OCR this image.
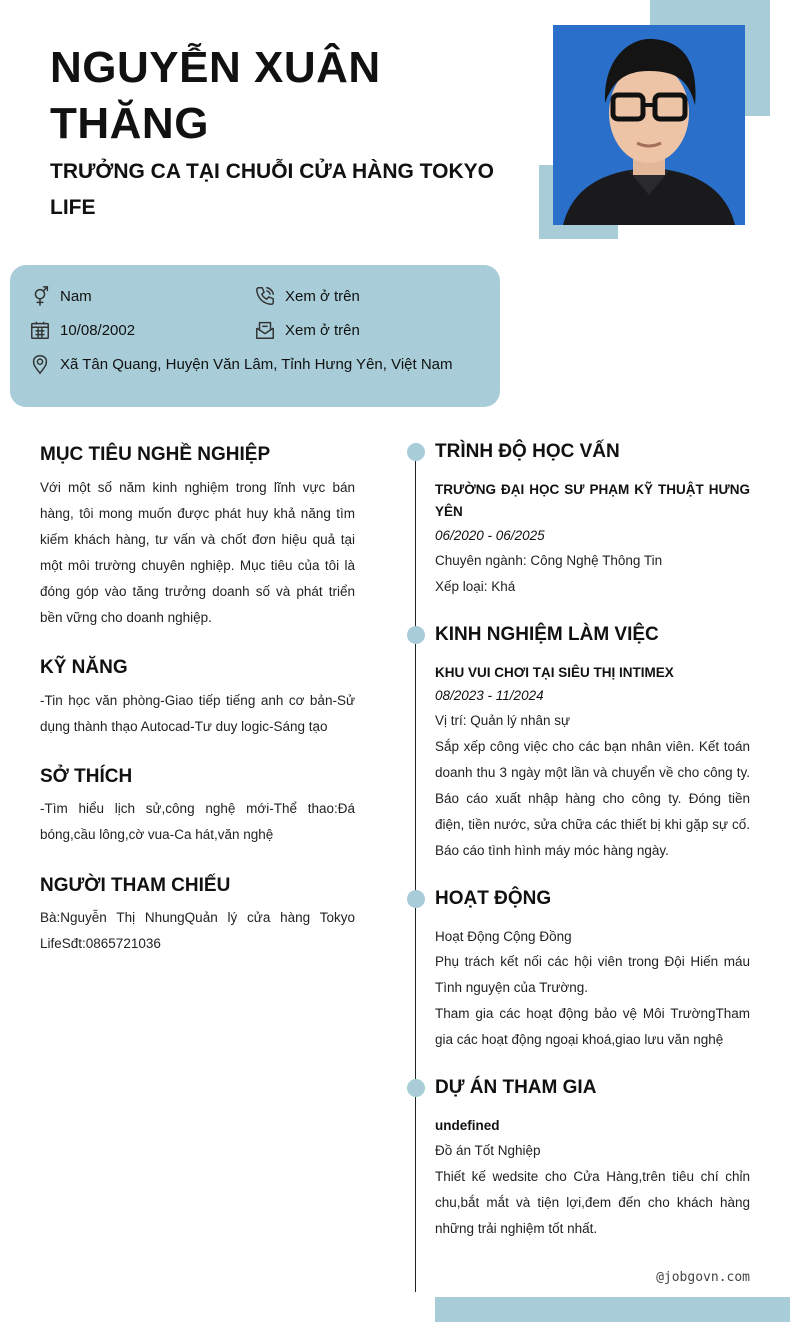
NGUYỄN XUÂN THĂNG
TRƯỞNG CA TẠI CHUỖI CỬA HÀNG TOKYO LIFE
Nam	Xem ở trên
10/08/2002	Xem ở trên
Xã Tân Quang, Huyện Văn Lâm, Tỉnh Hưng Yên, Việt Nam
MỤC TIÊU NGHỀ NGHIỆP
Với một số năm kinh nghiệm trong lĩnh vực bán hàng, tôi mong muốn được phát huy khả năng tìm kiếm khách hàng, tư vấn và chốt đơn hiệu quả tại một môi trường chuyên nghiệp. Mục tiêu của tôi là đóng góp vào tăng trưởng doanh số và phát triển bền vững cho doanh nghiệp.
KỸ NĂNG
-Tin học văn phòng-Giao tiếp tiếng anh cơ bản-Sử dụng thành thạo Autocad-Tư duy logic-Sáng tạo
SỞ THÍCH
-Tìm hiểu lịch sử,công nghệ mới-Thể thao:Đá bóng,cầu lông,cờ vua-Ca hát,văn nghệ
NGƯỜI THAM CHIẾU
Bà:Nguyễn Thị NhungQuản lý cửa hàng Tokyo LifeSđt:0865721036
TRÌNH ĐỘ HỌC VẤN
TRƯỜNG ĐẠI HỌC SƯ PHẠM KỸ THUẬT HƯNG YÊN
06/2020 - 06/2025
Chuyên ngành: Công Nghệ Thông Tin
Xếp loại: Khá
KINH NGHIỆM LÀM VIỆC
KHU VUI CHƠI TẠI SIÊU THỊ INTIMEX
08/2023 - 11/2024
Vị trí: Quản lý nhân sự
Sắp xếp công việc cho các bạn nhân viên. Kết toán doanh thu 3 ngày một lần và chuyển về cho công ty. Báo cáo xuất nhập hàng cho công ty. Đóng tiền điện, tiền nước, sửa chữa các thiết bị khi gặp sự cố. Báo cáo tình hình máy móc hàng ngày.
HOẠT ĐỘNG
Hoạt Động Cộng Đồng
Phụ trách kết nối các hội viên trong Đội Hiến máu Tình nguyện của Trường.
Tham gia các hoạt động bảo vệ Môi TrườngTham gia các hoạt động ngoại khoá,giao lưu văn nghệ
DỰ ÁN THAM GIA
undefined
Đồ án Tốt Nghiệp
Thiết kế wedsite cho Cửa Hàng,trên tiêu chí chỉn chu,bắt mắt và tiện lợi,đem đến cho khách hàng những trải nghiệm tốt nhất.
@jobgovn.com
